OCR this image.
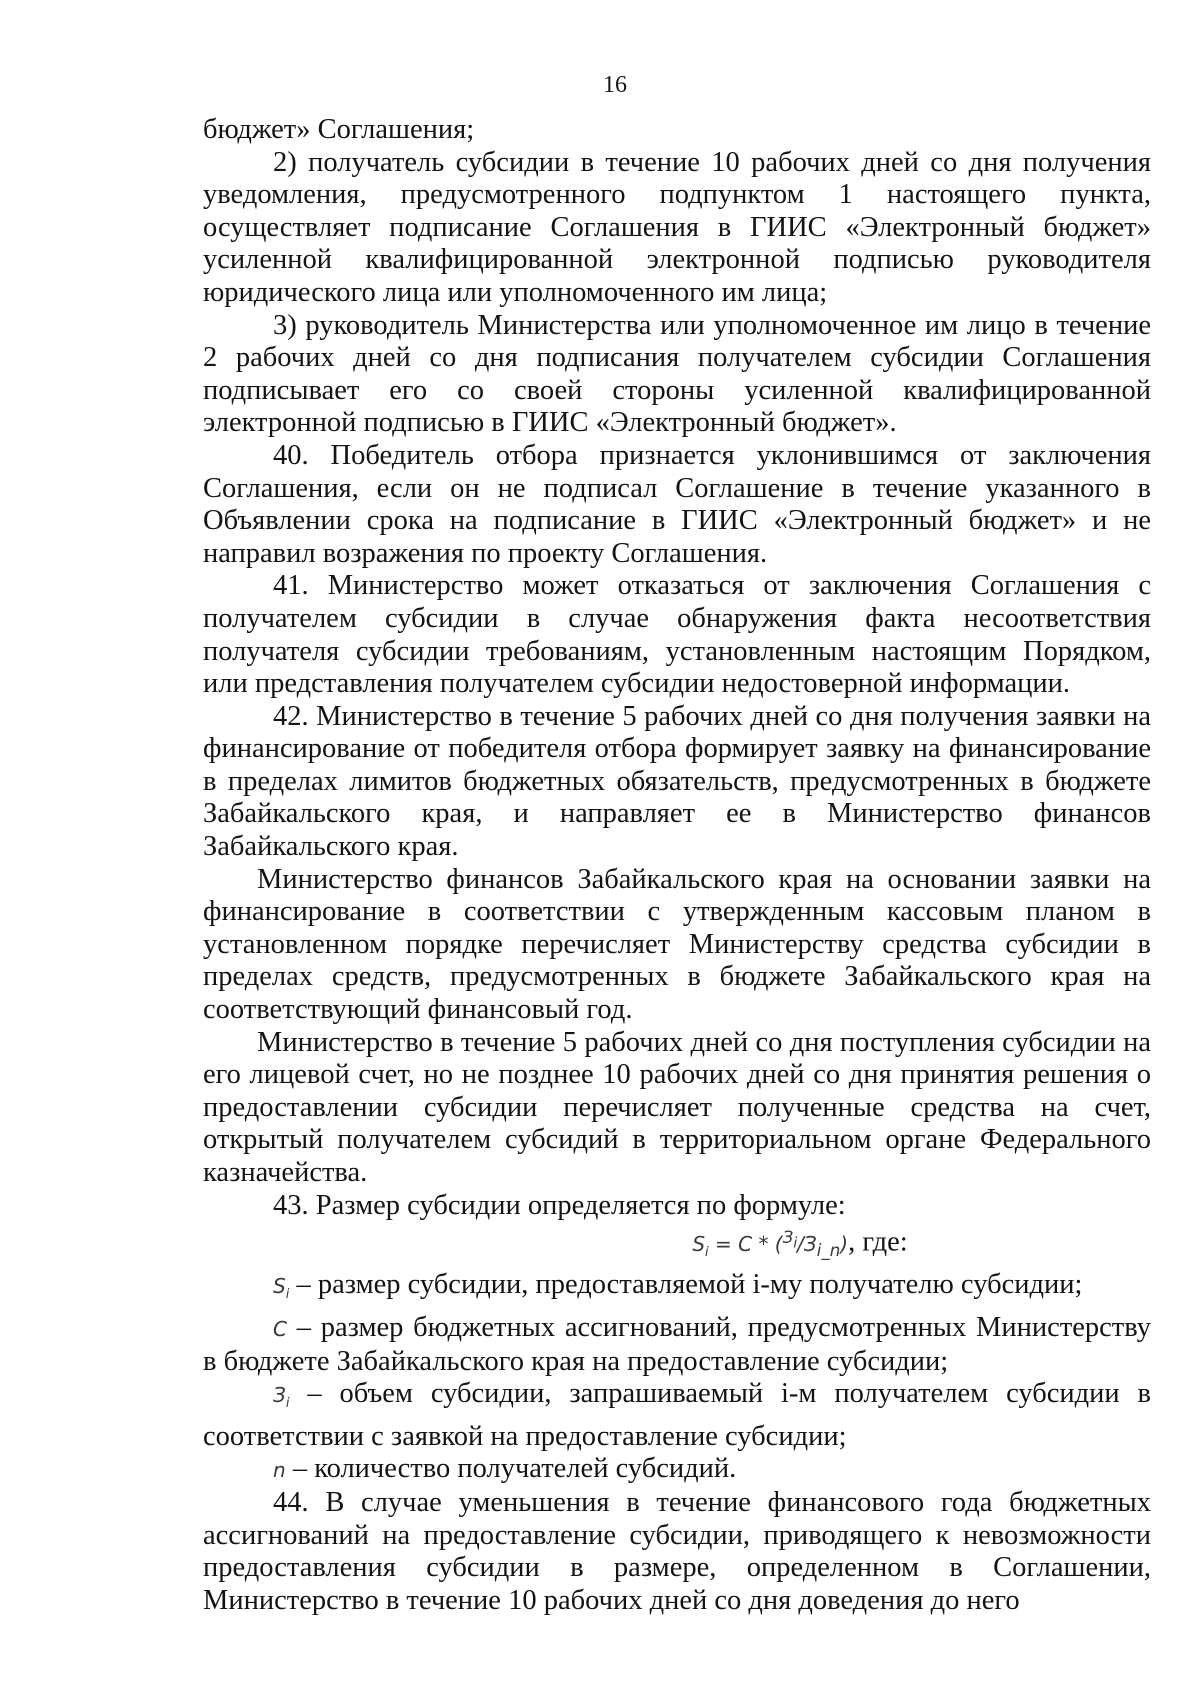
16

бюджет» Соглашения;

2) получатель субсидии в течение 10 рабочих дней со дня получения уведомления, предусмотренного подпунктом 1 настоящего пункта, осуществляет подписание Соглашения в ГИИС «Электронный бюджет» усиленной квалифицированной электронной подписью руководителя юридического лица или уполномоченного им лица;

3) руководитель Министерства или уполномоченное им лицо в течение 2 рабочих дней со дня подписания получателем субсидии Соглашения подписывает его со своей стороны усиленной квалифицированной электронной подписью в ГИИС «Электронный бюджет».

40. Победитель отбора признается уклонившимся от заключения Соглашения, если он не подписал Соглашение в течение указанного в Объявлении срока на подписание в ГИИС «Электронный бюджет» и не направил возражения по проекту Соглашения.

41. Министерство может отказаться от заключения Соглашения с получателем субсидии в случае обнаружения факта несоответствия получателя субсидии требованиям, установленным настоящим Порядком, или представления получателем субсидии недостоверной информации.

42. Министерство в течение 5 рабочих дней со дня получения заявки на финансирование от победителя отбора формирует заявку на финансирование в пределах лимитов бюджетных обязательств, предусмотренных в бюджете Забайкальского края, и направляет ее в Министерство финансов Забайкальского края.

Министерство финансов Забайкальского края на основании заявки на финансирование в соответствии с утвержденным кассовым планом в установленном порядке перечисляет Министерству средства субсидии в пределах средств, предусмотренных в бюджете Забайкальского края на соответствующий финансовый год.

Министерство в течение 5 рабочих дней со дня поступления субсидии на его лицевой счет, но не позднее 10 рабочих дней со дня принятия решения о предоставлении субсидии перечисляет полученные средства на счет, открытый получателем субсидий в территориальном органе Федерального казначейства.

43. Размер субсидии определяется по формуле:

$S_i = C * (^{З_i}/З_{i\_n})$, где:

$S_i$ – размер субсидии, предоставляемой i-му получателю субсидии;

C – размер бюджетных ассигнований, предусмотренных Министерству в бюджете Забайкальского края на предоставление субсидии;

$З_i$ – объем субсидии, запрашиваемый i-м получателем субсидии в соответствии с заявкой на предоставление субсидии;

n – количество получателей субсидий.

44. В случае уменьшения в течение финансового года бюджетных ассигнований на предоставление субсидии, приводящего к невозможности предоставления субсидии в размере, определенном в Соглашении, Министерство в течение 10 рабочих дней со дня доведения до него
